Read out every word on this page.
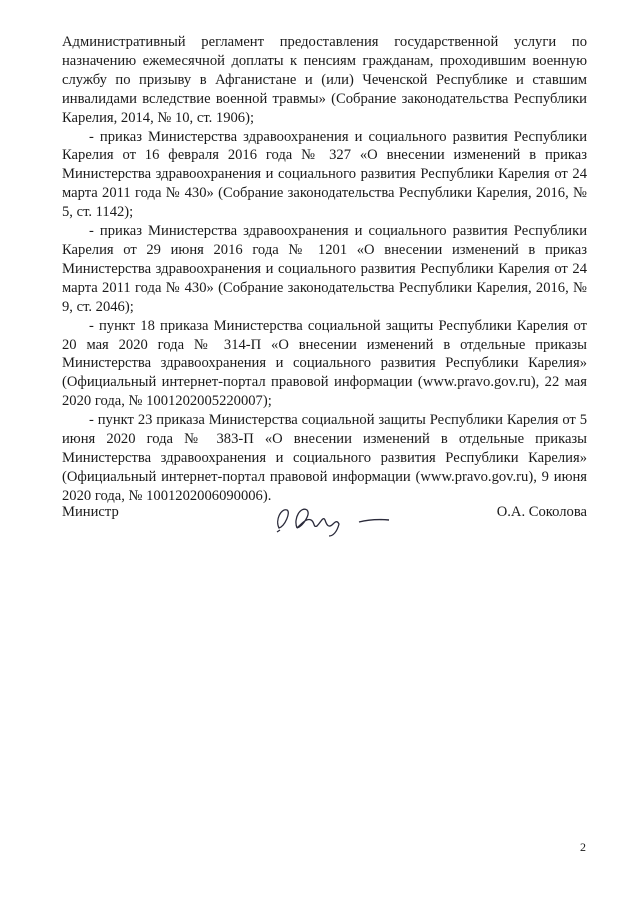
Административный регламент предоставления государственной услуги по назначению ежемесячной доплаты к пенсиям гражданам, проходившим военную службу по призыву в Афганистане и (или) Чеченской Республике и ставшим инвалидами вследствие военной травмы» (Собрание законодательства Республики Карелия, 2014, № 10, ст. 1906);

- приказ Министерства здравоохранения и социального развития Республики Карелия от 16 февраля 2016 года № 327 «О внесении изменений в приказ Министерства здравоохранения и социального развития Республики Карелия от 24 марта 2011 года № 430» (Собрание законодательства Республики Карелия, 2016, № 5, ст. 1142);

- приказ Министерства здравоохранения и социального развития Республики Карелия от 29 июня 2016 года № 1201 «О внесении изменений в приказ Министерства здравоохранения и социального развития Республики Карелия от 24 марта 2011 года № 430» (Собрание законодательства Республики Карелия, 2016, № 9, ст. 2046);

- пункт 18 приказа Министерства социальной защиты Республики Карелия от 20 мая 2020 года № 314-П «О внесении изменений в отдельные приказы Министерства здравоохранения и социального развития Республики Карелия» (Официальный интернет-портал правовой информации (www.pravo.gov.ru), 22 мая 2020 года, № 1001202005220007);

- пункт 23 приказа Министерства социальной защиты Республики Карелия от 5 июня 2020 года № 383-П «О внесении изменений в отдельные приказы Министерства здравоохранения и социального развития Республики Карелия» (Официальный интернет-портал правовой информации (www.pravo.gov.ru), 9 июня 2020 года, № 1001202006090006).

Министр	О.А. Соколова
2
